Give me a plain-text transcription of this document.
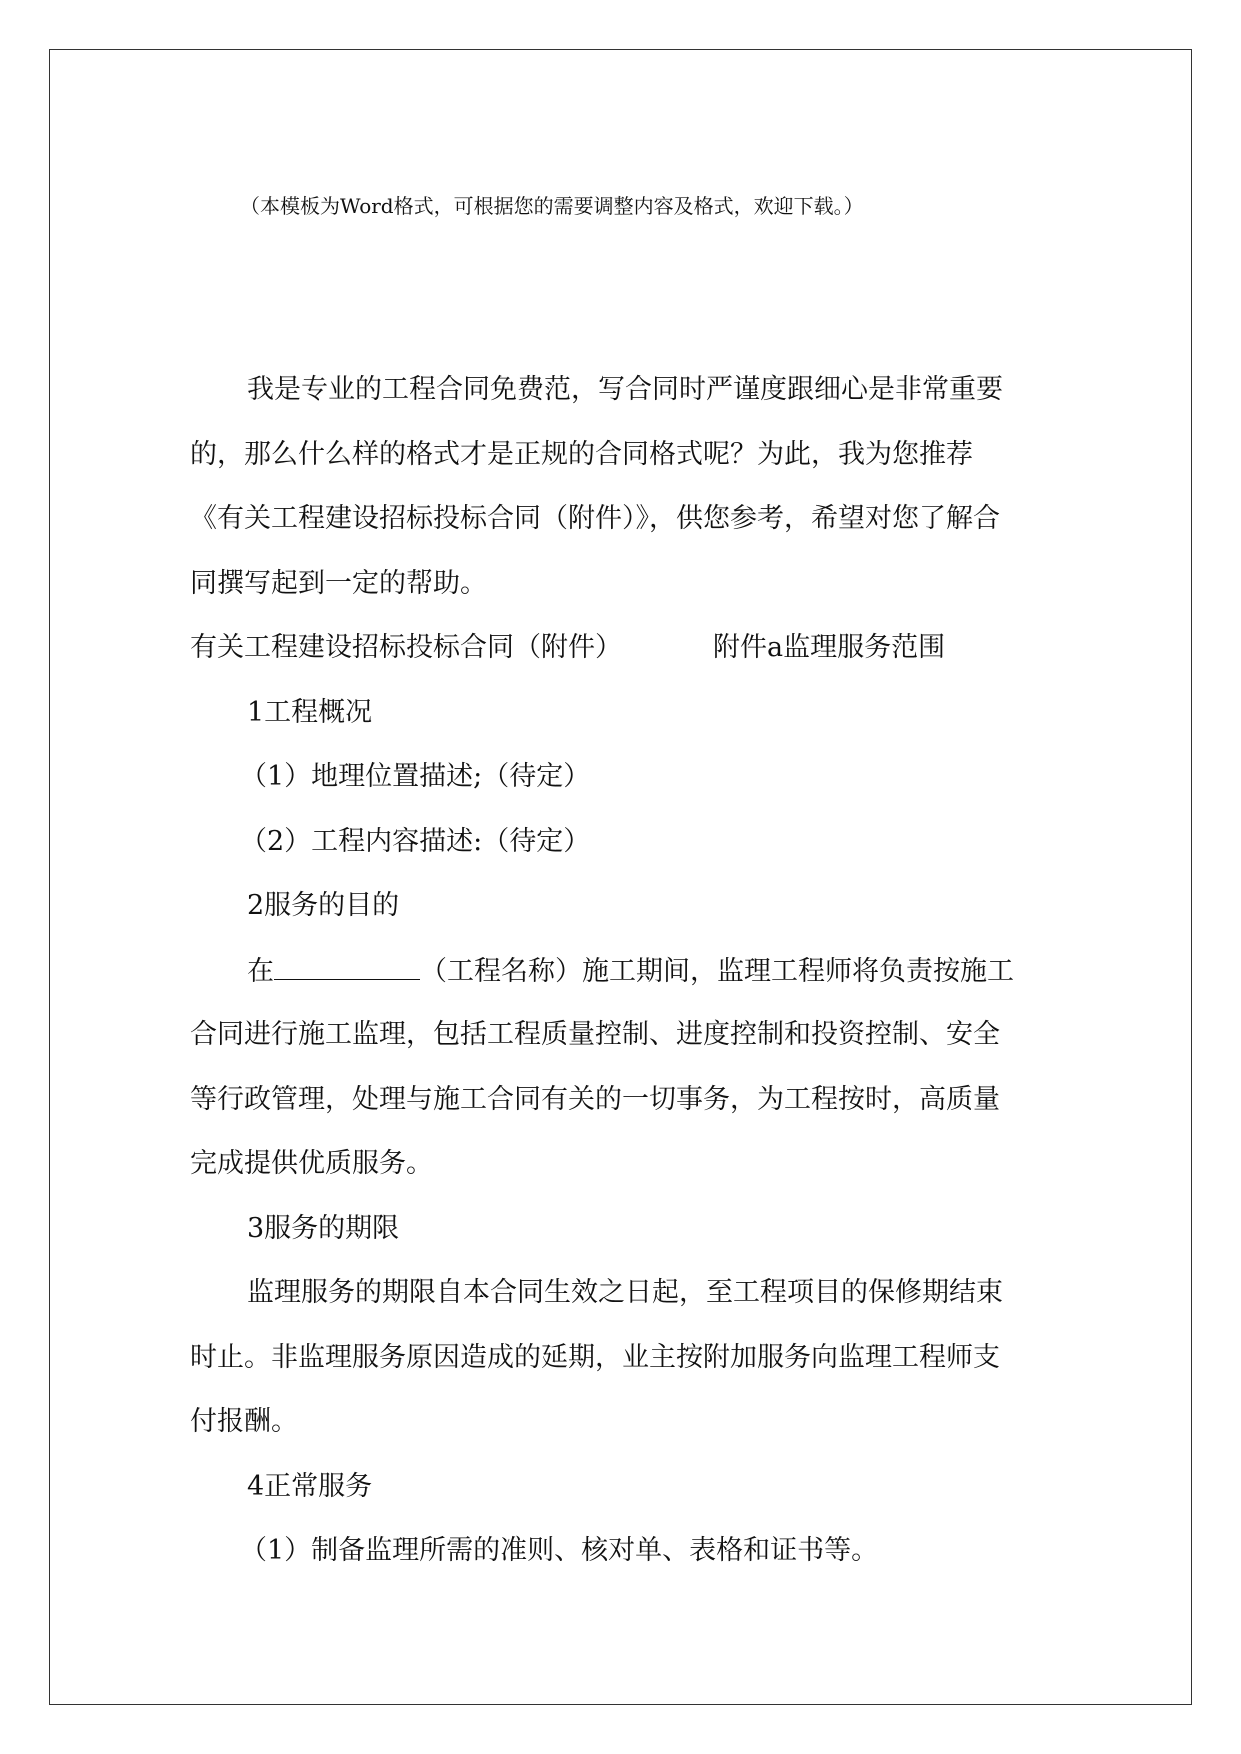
（本模板为Word格式，可根据您的需要调整内容及格式，欢迎下载。）
我是专业的工程合同免费范，写合同时严谨度跟细心是非常重要
的，那么什么样的格式才是正规的合同格式呢？为此，我为您推荐
《有关工程建设招标投标合同（附件）》，供您参考，希望对您了解合
同撰写起到一定的帮助。
有关工程建设招标投标合同（附件）	附件a监理服务范围
1工程概况
（1）地理位置描述;（待定）
（2）工程内容描述:（待定）
2服务的目的
在	（工程名称）施工期间，监理工程师将负责按施工
合同进行施工监理，包括工程质量控制、进度控制和投资控制、安全
等行政管理，处理与施工合同有关的一切事务，为工程按时，高质量
完成提供优质服务。
3服务的期限
监理服务的期限自本合同生效之日起，至工程项目的保修期结束
时止。非监理服务原因造成的延期，业主按附加服务向监理工程师支
付报酬。
4正常服务
（1）制备监理所需的准则、核对单、表格和证书等。
